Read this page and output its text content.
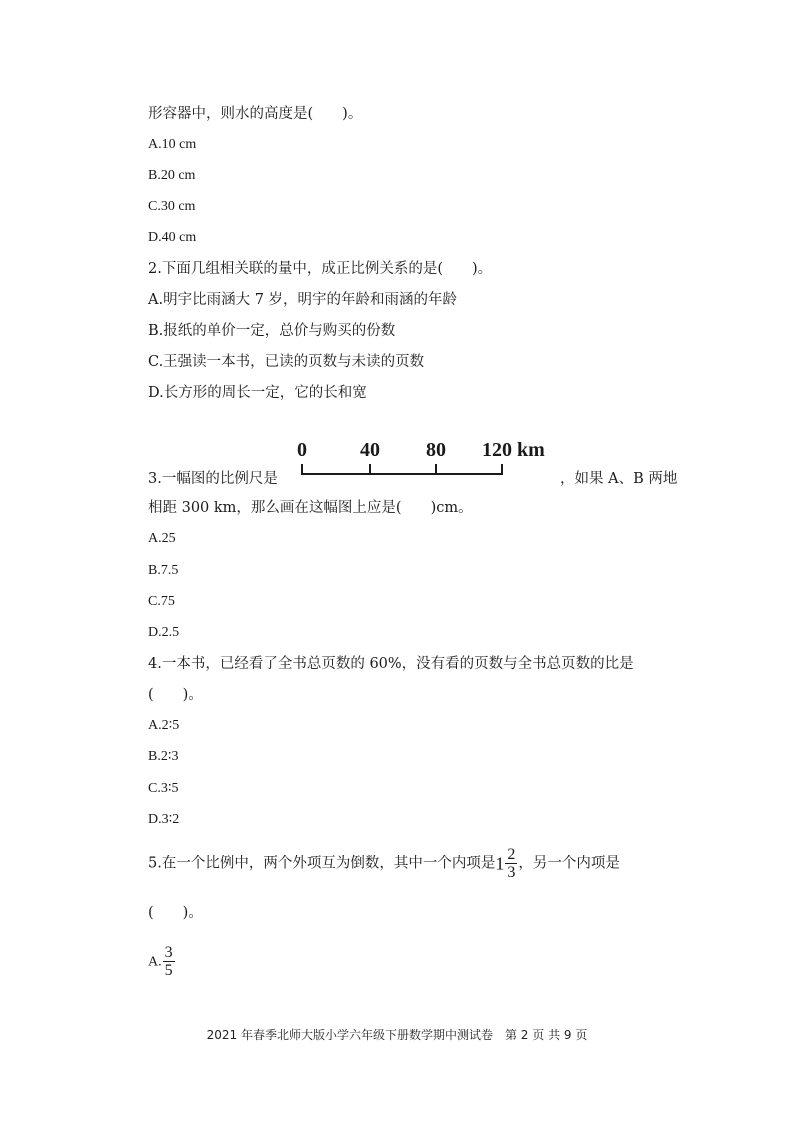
形容器中，则水的高度是(　　)。
A.10 cm
B.20 cm
C.30 cm
D.40 cm
2.下面几组相关联的量中，成正比例关系的是(　　)。
A.明宇比雨涵大 7 岁，明宇的年龄和雨涵的年龄
B.报纸的单价一定，总价与购买的份数
C.王强读一本书，已读的页数与未读的页数
D.长方形的周长一定，它的长和宽
0	40 80 120 km
3.一幅图的比例尺是	，如果 A、B 两地
相距 300 km，那么画在这幅图上应是(　　)cm。
A.25
B.7.5
C.75
D.2.5
4.一本书，已经看了全书总页数的 60%，没有看的页数与全书总页数的比是
(　　)。
A.2∶5
B.2∶3
C.3∶5
D.3∶2
5.在一个比例中，两个外项互为倒数，其中一个内项是$1 \frac{2}{3}$ ，另一个内项是
(　　)。
A. $\frac{3}{5}$
2021 年春季北师大版小学六年级下册数学期中测试卷　第 2 页 共 9 页
